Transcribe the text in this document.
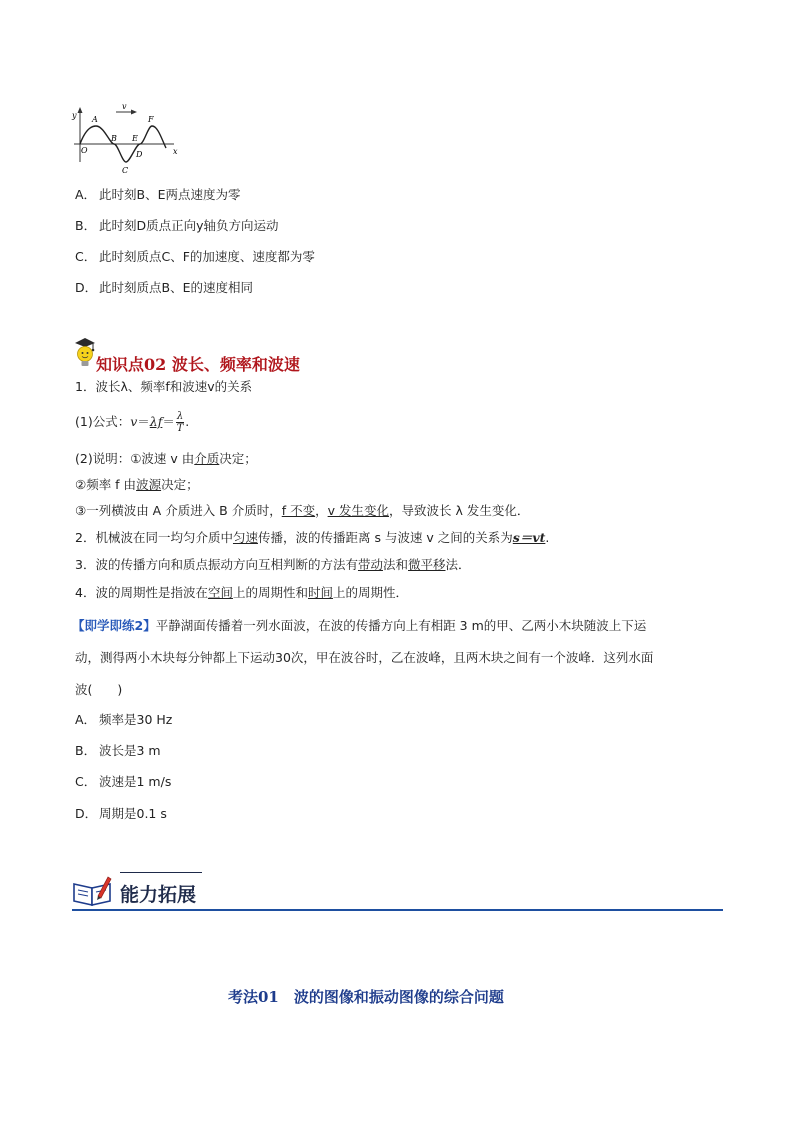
y
x
v
O
A
B
C
D
E
F
A． 此时刻B、E两点速度为零
B． 此时刻D质点正向y轴负方向运动
C． 此时刻质点C、F的加速度、速度都为零
D． 此时刻质点B、E的速度相同
知识点02 波长、频率和波速
1．波长λ、频率f和波速v的关系
(1)公式：$v=\lambda f= \frac{\lambda}{T}$ .
(2)说明：①波速 v 由介质决定；
②频率 f 由波源决定；
③一列横波由 A 介质进入 B 介质时，f 不变，v 发生变化，导致波长 λ 发生变化．
2．机械波在同一均匀介质中匀速传播，波的传播距离 s 与波速 v 之间的关系为s＝vt.
3．波的传播方向和质点振动方向互相判断的方法有带动法和微平移法．
4．波的周期性是指波在空间上的周期性和时间上的周期性．
【即学即练2】平静湖面传播着一列水面波，在波的传播方向上有相距 3 m的甲、乙两小木块随波上下运
动，测得两小木块每分钟都上下运动30次，甲在波谷时，乙在波峰，且两木块之间有一个波峰．这列水面
波(　　)
A． 频率是30 Hz
B． 波长是3 m
C． 波速是1 m/s
D． 周期是0.1 s
能力拓展
考法01　波的图像和振动图像的综合问题
